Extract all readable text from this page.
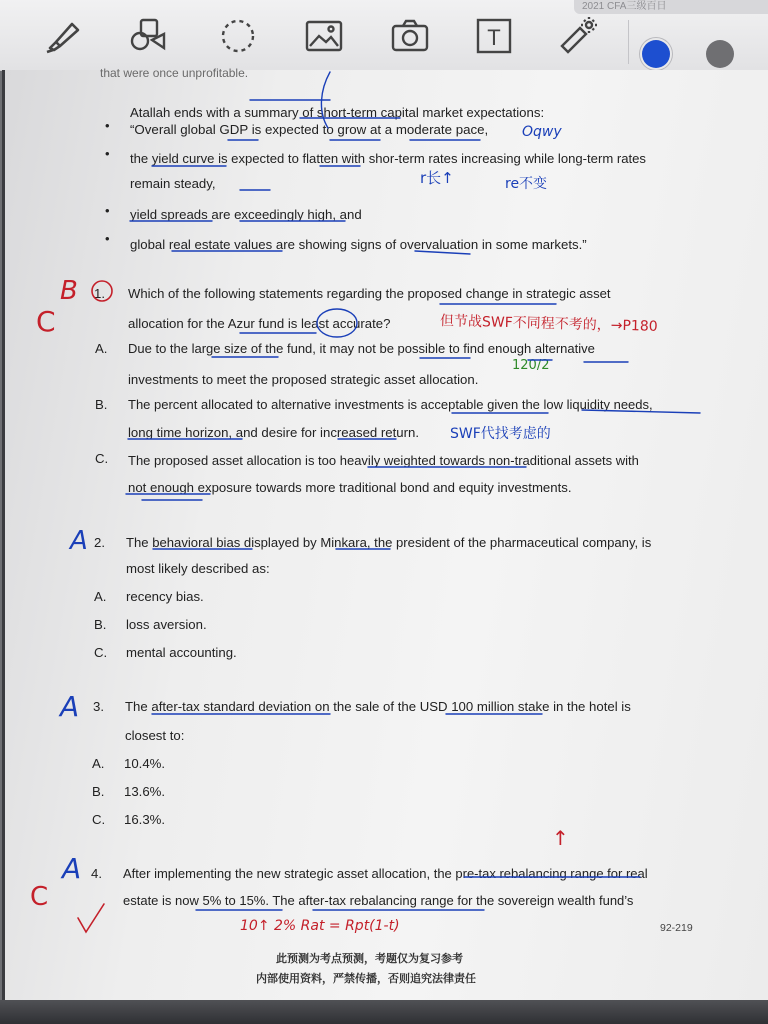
2021 CFA三级百日
T
that were once unprofitable.
Atallah ends with a summary of short-term capital market expectations:
• “Overall global GDP is expected to grow at a moderate pace,
• the yield curve is expected to flatten with shor-term rates increasing while long-term rates
remain steady,
• yield spreads are exceedingly high, and
• global real estate values are showing signs of overvaluation in some markets.”
1. Which of the following statements regarding the proposed change in strategic asset
allocation for the Azur fund is least accurate?
A. Due to the large size of the fund, it may not be possible to find enough alternative
investments to meet the proposed strategic asset allocation.
B. The percent allocated to alternative investments is acceptable given the low liquidity needs,
long time horizon, and desire for increased return.
C. The proposed asset allocation is too heavily weighted towards non-traditional assets with
not enough exposure towards more traditional bond and equity investments.
2. The behavioral bias displayed by Minkara, the president of the pharmaceutical company, is
most likely described as:
A. recency bias.
B. loss aversion.
C. mental accounting.
3. The after-tax standard deviation on the sale of the USD 100 million stake in the hotel is
closest to:
A. 10.4%.
B. 13.6%.
C. 16.3%.
4. After implementing the new strategic asset allocation, the pre-tax rebalancing range for real
estate is now 5% to 15%. The after-tax rebalancing range for the sovereign wealth fund’s
92-219
此预测为考点预测，考题仅为复习参考
内部使用资料，严禁传播，否则追究法律责任
B
C
A
A
A
C
Oqwy
r长↑	re不变
但节战SWF不同程不考的，→P180
120/2
SWF代找考虑的
10↑ 2% Rat = Rpt(1-t)
↑
